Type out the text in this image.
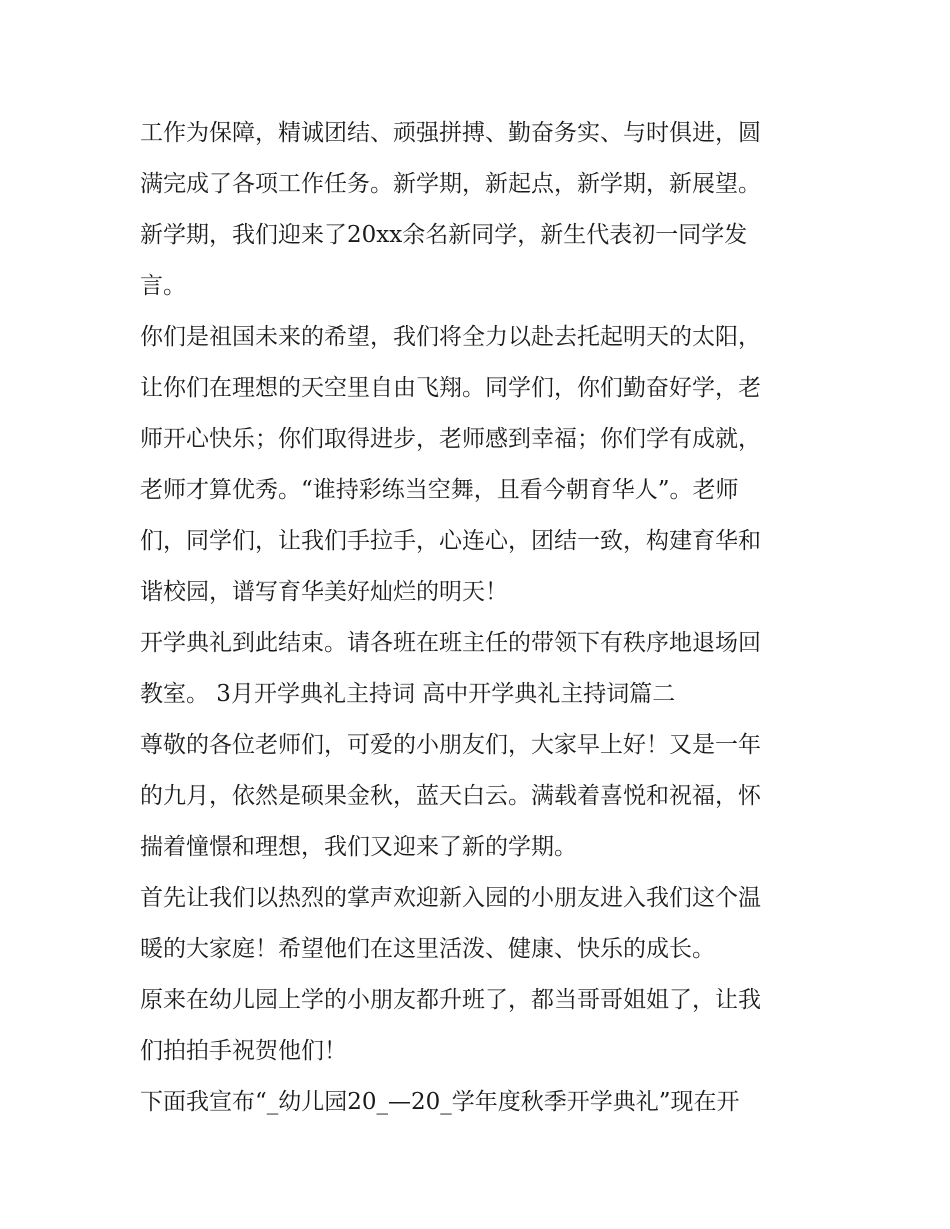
工作为保障，精诚团结、顽强拼搏、勤奋务实、与时俱进，圆
满完成了各项工作任务。新学期，新起点，新学期，新展望。
新学期，我们迎来了20xx余名新同学，新生代表初一同学发
言。
你们是祖国未来的希望，我们将全力以赴去托起明天的太阳，
让你们在理想的天空里自由飞翔。同学们，你们勤奋好学，老
师开心快乐；你们取得进步，老师感到幸福；你们学有成就，
老师才算优秀。“谁持彩练当空舞，且看今朝育华人”。老师
们，同学们，让我们手拉手，心连心，团结一致，构建育华和
谐校园，谱写育华美好灿烂的明天！
开学典礼到此结束。请各班在班主任的带领下有秩序地退场回
教室。 3月开学典礼主持词 高中开学典礼主持词篇二
尊敬的各位老师们，可爱的小朋友们，大家早上好！又是一年
的九月，依然是硕果金秋，蓝天白云。满载着喜悦和祝福，怀
揣着憧憬和理想，我们又迎来了新的学期。
首先让我们以热烈的掌声欢迎新入园的小朋友进入我们这个温
暖的大家庭！希望他们在这里活泼、健康、快乐的成长。
原来在幼儿园上学的小朋友都升班了，都当哥哥姐姐了，让我
们拍拍手祝贺他们！
下面我宣布“_幼儿园20_—20_学年度秋季开学典礼”现在开
